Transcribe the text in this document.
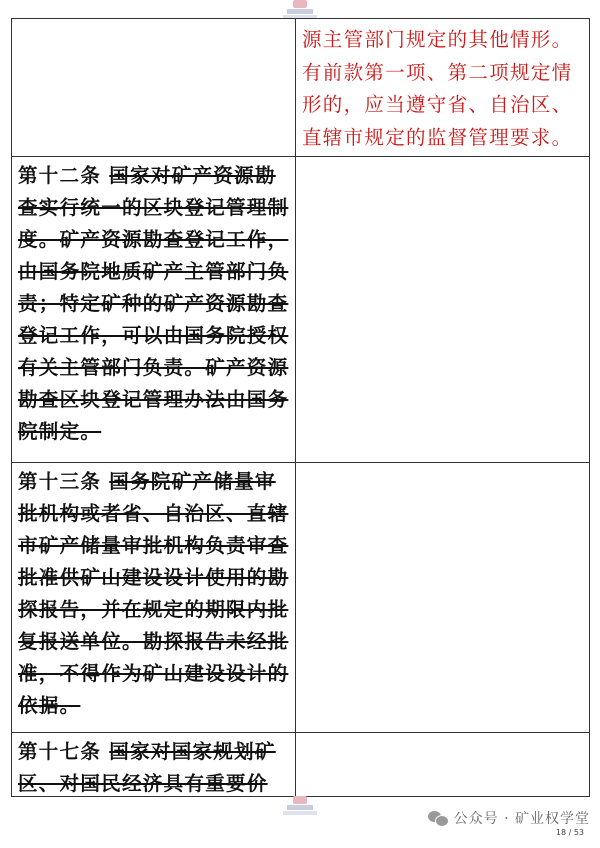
	源主管部门规定的其他情形。有前款第一项、第二项规定情形的，应当遵守省、自治区、直辖市规定的监督管理要求。

第十二条 国家对矿产资源勘查实行统一的区块登记管理制度。矿产资源勘查登记工作，由国务院地质矿产主管部门负责；特定矿种的矿产资源勘查登记工作，可以由国务院授权有关主管部门负责。矿产资源勘查区块登记管理办法由国务院制定。	

第十三条 国务院矿产储量审批机构或者省、自治区、直辖市矿产储量审批机构负责审查批准供矿山建设设计使用的勘探报告，并在规定的期限内批复报送单位。勘探报告未经批准，不得作为矿山建设设计的依据。	

第十七条 国家对国家规划矿区、对国民经济具有重要价	

公众号 · 矿业权学堂
18 / 53
